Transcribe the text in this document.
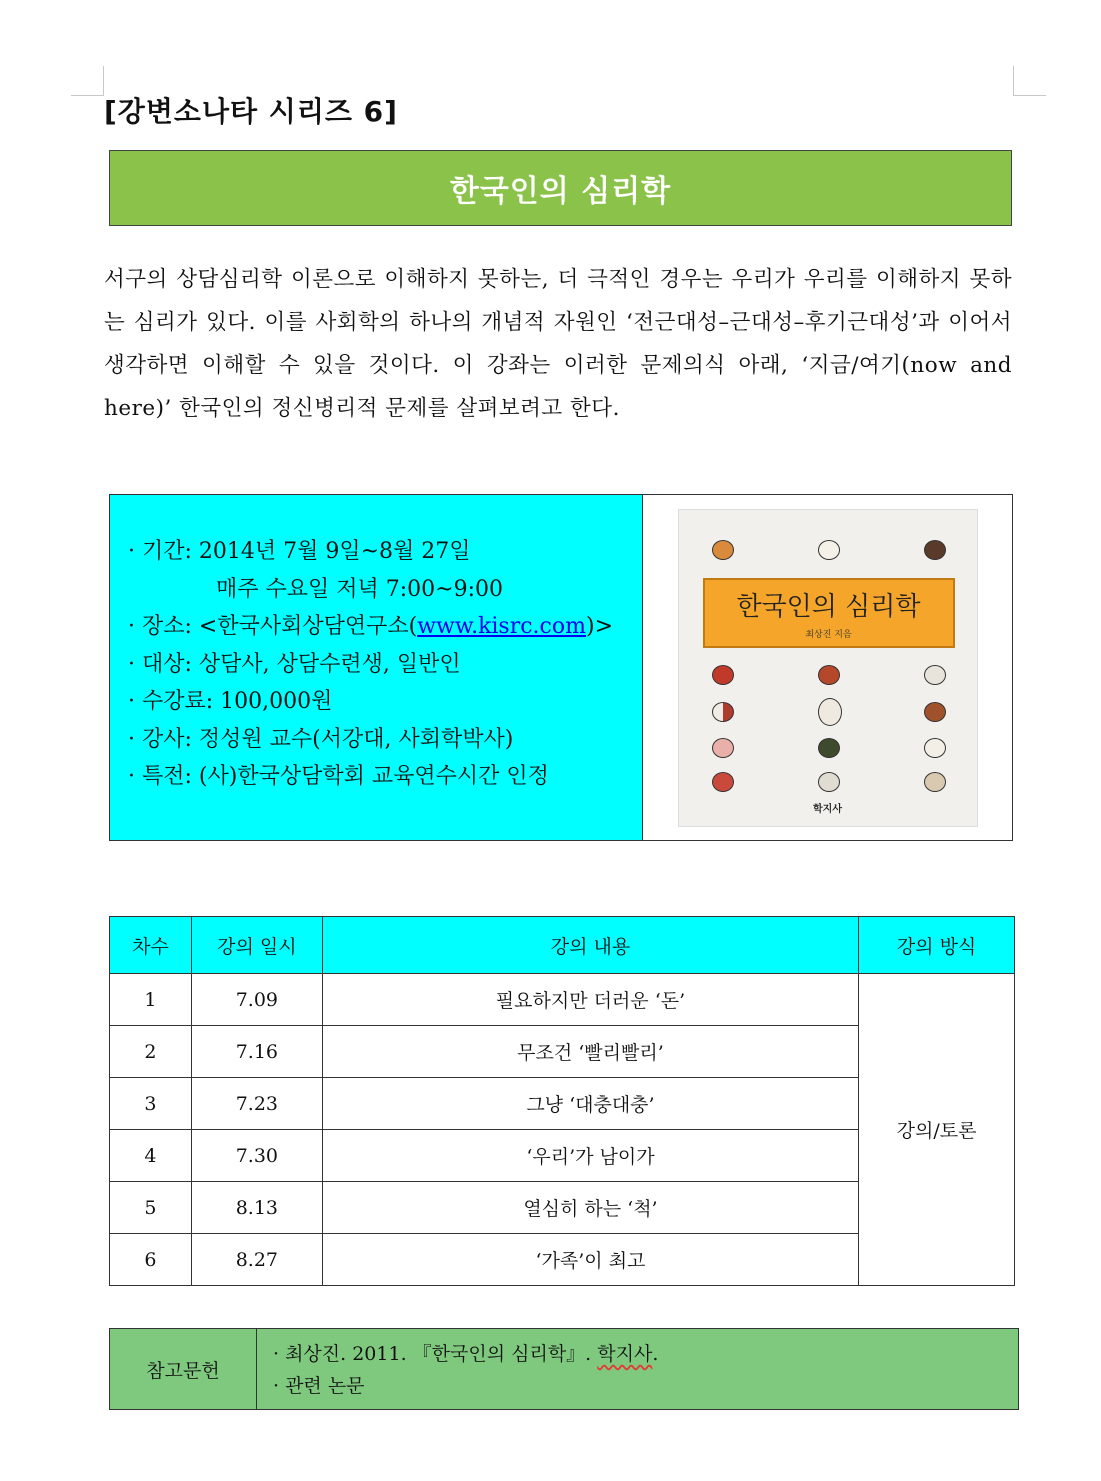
[강변소나타 시리즈 6]
한국인의 심리학
서구의 상담심리학 이론으로 이해하지 못하는, 더 극적인 경우는 우리가 우리를 이해하지 못하는 심리가 있다. 이를 사회학의 하나의 개념적 자원인 ‘전근대성–근대성–후기근대성’과 이어서 생각하면 이해할 수 있을 것이다. 이 강좌는 이러한 문제의식 아래, ‘지금/여기(now and here)’ 한국인의 정신병리적 문제를 살펴보려고 한다.
· 기간: 2014년 7월 9일~8월 27일
매주 수요일 저녁 7:00~9:00
· 장소: <한국사회상담연구소(www.kisrc.com)>
· 대상: 상담사, 상담수련생, 일반인
· 수강료: 100,000원
· 강사: 정성원 교수(서강대, 사회학박사)
· 특전: (사)한국상담학회 교육연수시간 인정
한국인의 심리학
최상진 지음
학지사
차수	강의 일시	강의 내용	강의 방식
1	7.09	필요하지만 더러운 ‘돈’	강의/토론
2	7.16	무조건 ‘빨리빨리’	
3	7.23	그냥 ‘대충대충’	
4	7.30	‘우리’가 남이가	
5	8.13	열심히 하는 ‘척’	
6	8.27	‘가족’이 최고	
참고문헌
· 최상진. 2011. 『한국인의 심리학』. 학지사.
· 관련 논문
